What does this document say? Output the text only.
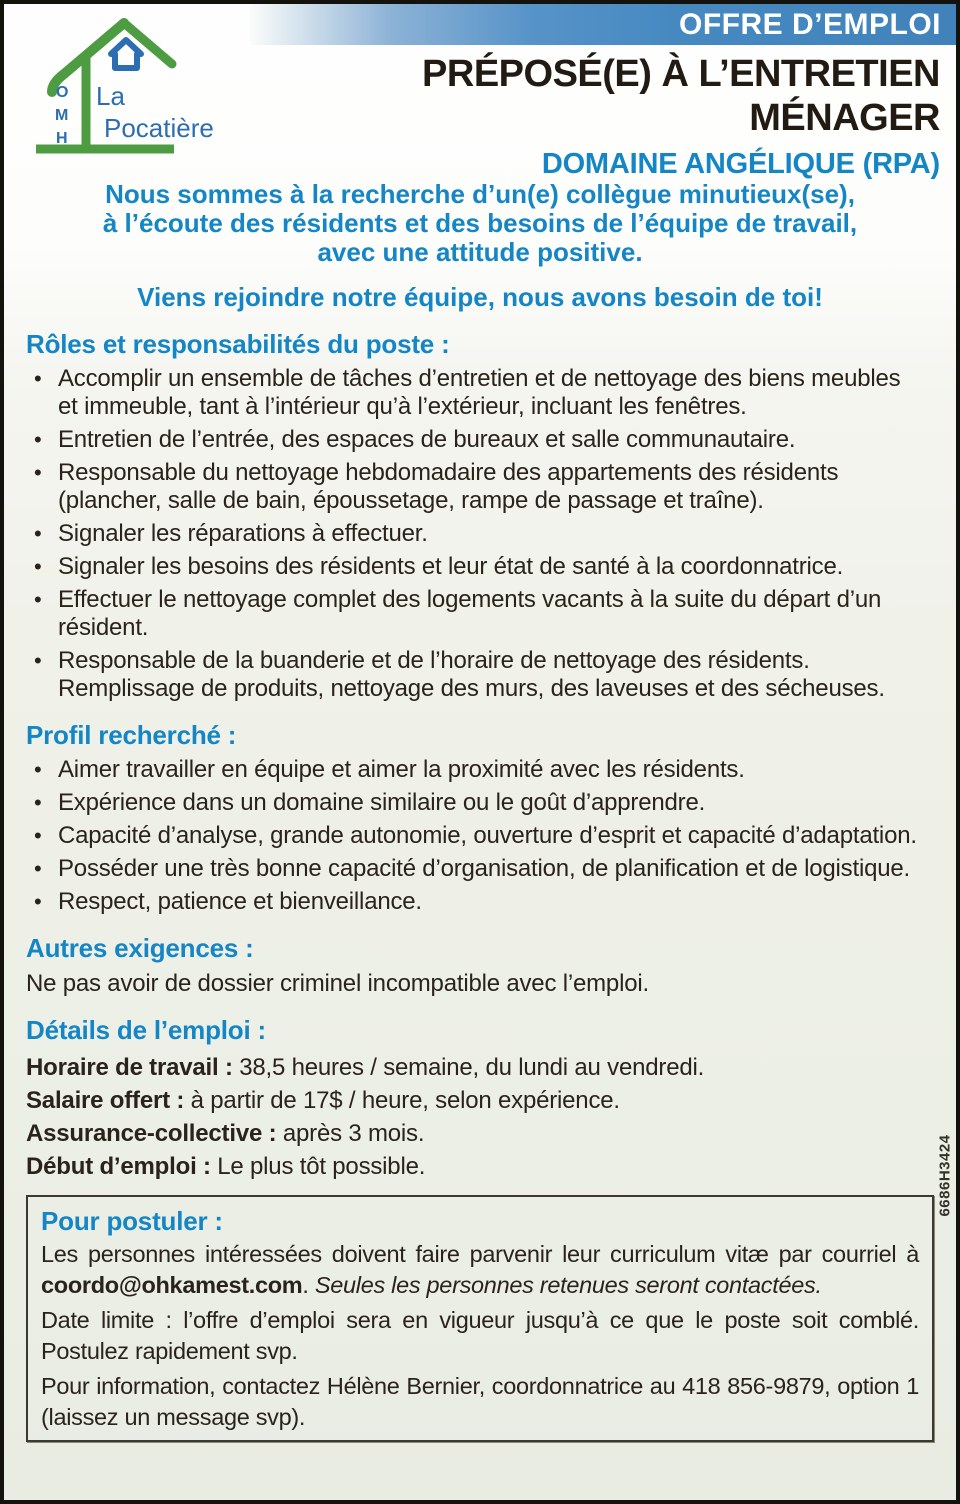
OFFRE D’EMPLOI
O
M
H
La
Pocatière
PRÉPOSÉ(E) À L’ENTRETIEN
MÉNAGER
DOMAINE ANGÉLIQUE (RPA)
Nous sommes à la recherche d’un(e) collègue minutieux(se),
à l’écoute des résidents et des besoins de l’équipe de travail,
avec une attitude positive.
Viens rejoindre notre équipe, nous avons besoin de toi!
Rôles et responsabilités du poste :
• Accomplir un ensemble de tâches d’entretien et de nettoyage des biens meubles et immeuble, tant à l’intérieur qu’à l’extérieur, incluant les fenêtres.
• Entretien de l’entrée, des espaces de bureaux et salle communautaire.
• Responsable du nettoyage hebdomadaire des appartements des résidents (plancher, salle de bain, époussetage, rampe de passage et traîne).
• Signaler les réparations à effectuer.
• Signaler les besoins des résidents et leur état de santé à la coordonnatrice.
• Effectuer le nettoyage complet des logements vacants à la suite du départ d’un résident.
• Responsable de la buanderie et de l’horaire de nettoyage des résidents. Remplissage de produits, nettoyage des murs, des laveuses et des sécheuses.
Profil recherché :
• Aimer travailler en équipe et aimer la proximité avec les résidents.
• Expérience dans un domaine similaire ou le goût d’apprendre.
• Capacité d’analyse, grande autonomie, ouverture d’esprit et capacité d’adaptation.
• Posséder une très bonne capacité d’organisation, de planification et de logistique.
• Respect, patience et bienveillance.
Autres exigences :
Ne pas avoir de dossier criminel incompatible avec l’emploi.
Détails de l’emploi :
Horaire de travail : 38,5 heures / semaine, du lundi au vendredi.
Salaire offert : à partir de 17$ / heure, selon expérience.
Assurance-collective : après 3 mois.
Début d’emploi : Le plus tôt possible.
Pour postuler :

Les personnes intéressées doivent faire parvenir leur curriculum vitæ par courriel à coordo@ohkamest.com. Seules les personnes retenues seront contactées.

Date limite : l’offre d’emploi sera en vigueur jusqu’à ce que le poste soit comblé. Postulez rapidement svp.

Pour information, contactez Hélène Bernier, coordonnatrice au 418 856-9879, option 1 (laissez un message svp).

6686H3424
